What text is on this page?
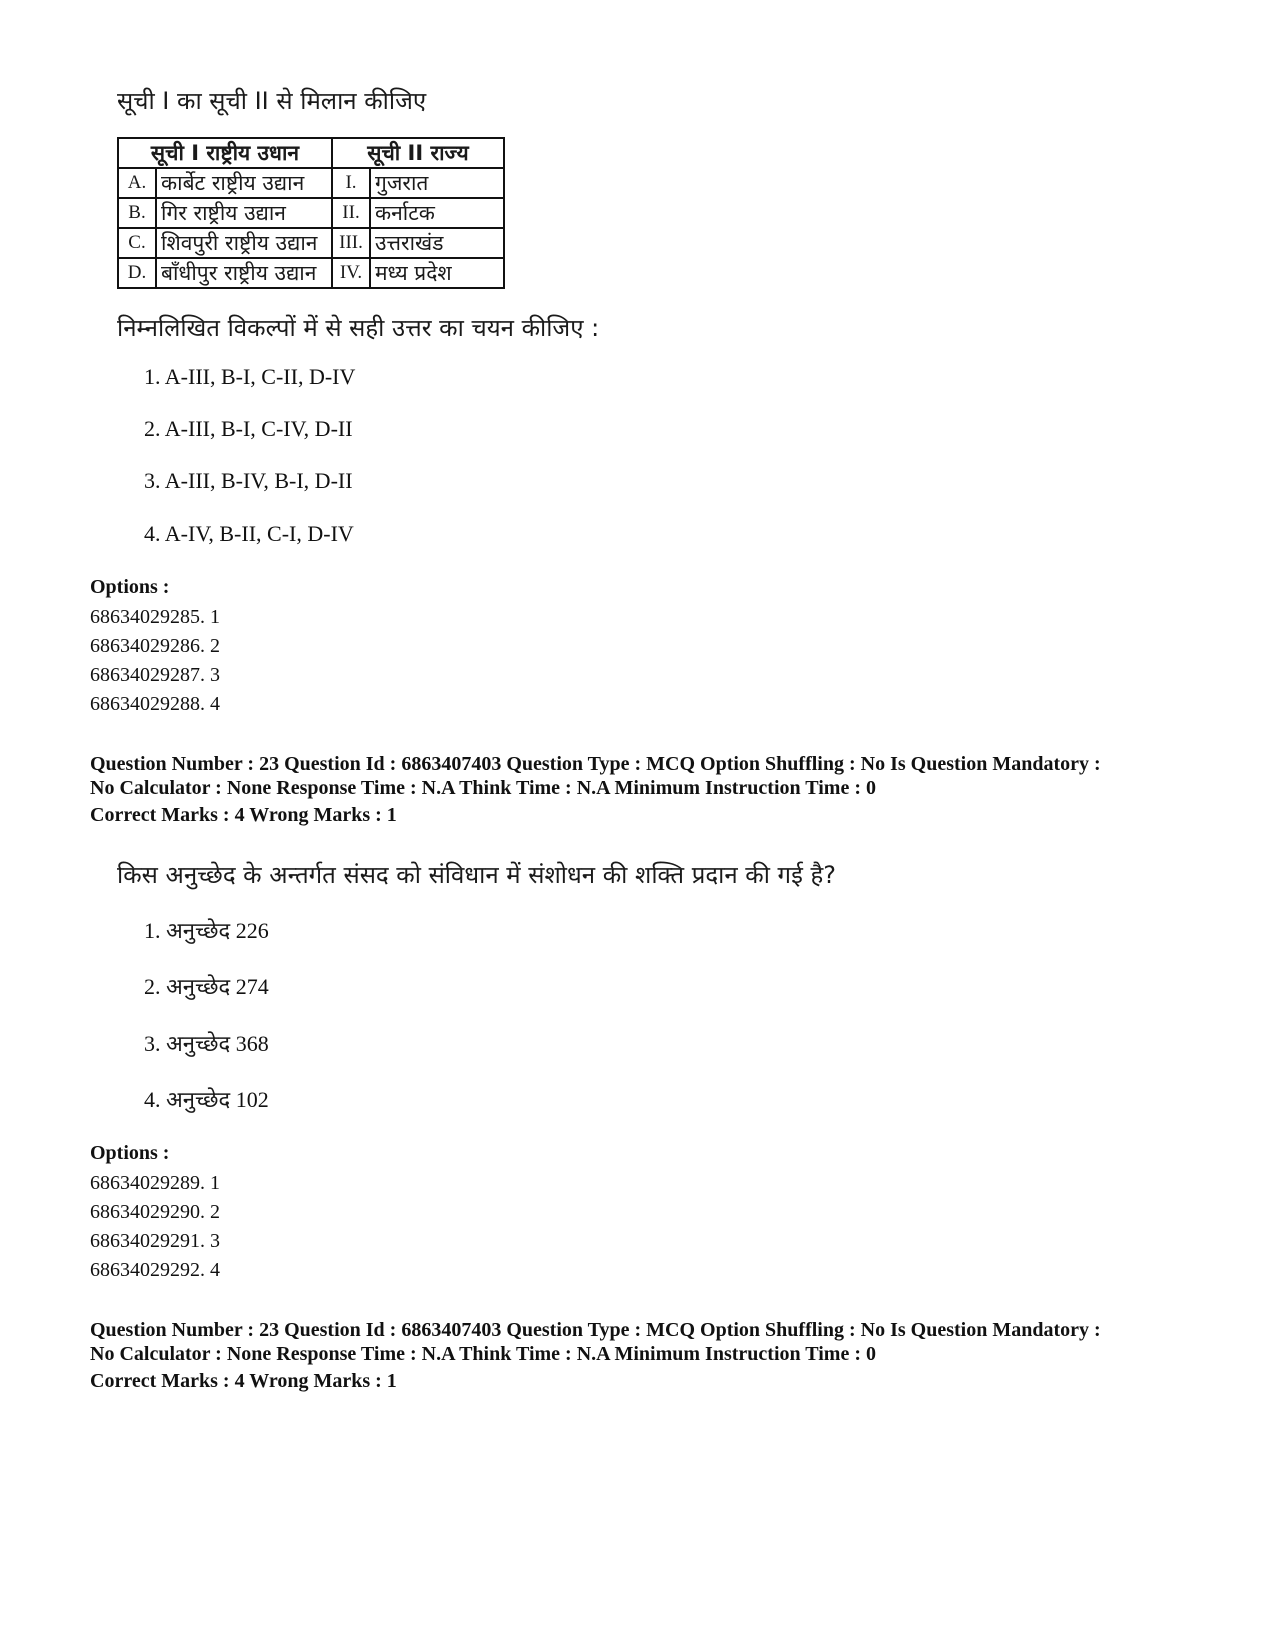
सूची I का सूची II से मिलान कीजिए
सूची I राष्ट्रीय उधान		सूची II राज्य	
A.	कार्बेट राष्ट्रीय उद्यान	I.	गुजरात
B.	गिर राष्ट्रीय उद्यान	II.	कर्नाटक
C.	शिवपुरी राष्ट्रीय उद्यान	III.	उत्तराखंड
D.	बाँधीपुर राष्ट्रीय उद्यान	IV.	मध्य प्रदेश
निम्नलिखित विकल्पों में से सही उत्तर का चयन कीजिए :
1. A-III, B-I, C-II, D-IV
2. A-III, B-I, C-IV, D-II
3. A-III, B-IV, B-I, D-II
4. A-IV, B-II, C-I, D-IV
Options :
68634029285. 1
68634029286. 2
68634029287. 3
68634029288. 4
Question Number : 23 Question Id : 6863407403 Question Type : MCQ Option Shuffling : No Is Question Mandatory :
No Calculator : None Response Time : N.A Think Time : N.A Minimum Instruction Time : 0
Correct Marks : 4 Wrong Marks : 1
किस अनुच्छेद के अन्तर्गत संसद को संविधान में संशोधन की शक्ति प्रदान की गई है?
1. अनुच्छेद 226
2. अनुच्छेद 274
3. अनुच्छेद 368
4. अनुच्छेद 102
Options :
68634029289. 1
68634029290. 2
68634029291. 3
68634029292. 4
Question Number : 23 Question Id : 6863407403 Question Type : MCQ Option Shuffling : No Is Question Mandatory :
No Calculator : None Response Time : N.A Think Time : N.A Minimum Instruction Time : 0
Correct Marks : 4 Wrong Marks : 1
